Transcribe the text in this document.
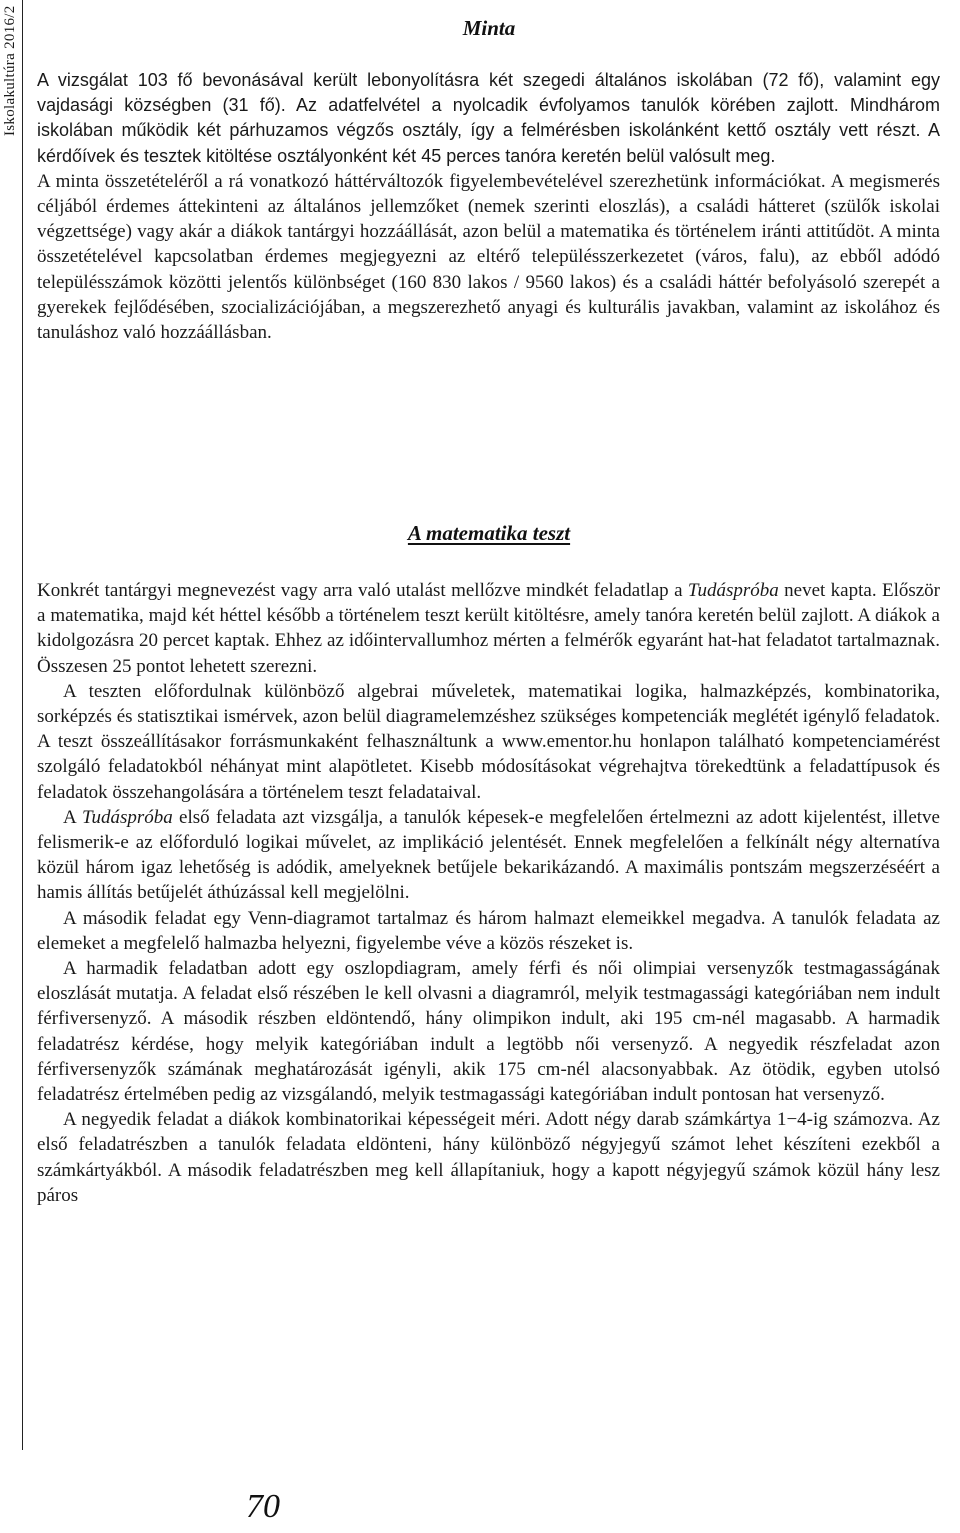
Iskolakultúra 2016/2	Minta

A vizsgálat 103 fő bevonásával került lebonyolításra két szegedi általános iskolában (72 fő), valamint egy vajdasági községben (31 fő). Az adatfelvétel a nyolcadik évfolyamos tanulók körében zajlott. Mindhárom iskolában működik két párhuzamos végzős osztály, így a felmérésben iskolánként kettő osztály vett részt. A kérdőívek és tesztek kitöltése osztályonként két 45 perces tanóra keretén belül valósult meg.

A minta összetételéről a rá vonatkozó háttérváltozók figyelembevételével szerezhetünk információkat. A megismerés céljából érdemes áttekinteni az általános jellemzőket (nemek szerinti eloszlás), a családi hátteret (szülők iskolai végzettsége) vagy akár a diákok tantárgyi hozzáállását, azon belül a matematika és történelem iránti attitűdöt. A minta összetételével kapcsolatban érdemes megjegyezni az eltérő településszerkezetet (város, falu), az ebből adódó településszámok közötti jelentős különbséget (160 830 lakos / 9560 lakos) és a családi háttér befolyásoló szerepét a gyerekek fejlődésében, szocializációjában, a megszerezhető anyagi és kulturális javakban, valamint az iskolához és tanuláshoz való hozzáállásban.

A matematika teszt

Konkrét tantárgyi megnevezést vagy arra való utalást mellőzve mindkét feladatlap a Tudáspróba nevet kapta. Először a matematika, majd két héttel később a történelem teszt került kitöltésre, amely tanóra keretén belül zajlott. A diákok a kidolgozásra 20 percet kaptak. Ehhez az időintervallumhoz mérten a felmérők egyaránt hat-hat feladatot tartalmaznak. Összesen 25 pontot lehetett szerezni.

A teszten előfordulnak különböző algebrai műveletek, matematikai logika, halmazképzés, kombinatorika, sorképzés és statisztikai ismérvek, azon belül diagramelemzéshez szükséges kompetenciák meglétét igénylő feladatok. A teszt összeállításakor forrásmunkaként felhasználtunk a www.ementor.hu honlapon található kompetenciamérést szolgáló feladatokból néhányat mint alapötletet. Kisebb módosításokat végrehajtva törekedtünk a feladattípusok és feladatok összehangolására a történelem teszt feladataival.

A Tudáspróba első feladata azt vizsgálja, a tanulók képesek-e megfelelően értelmezni az adott kijelentést, illetve felismerik-e az előforduló logikai művelet, az implikáció jelentését. Ennek megfelelően a felkínált négy alternatíva közül három igaz lehetőség is adódik, amelyeknek betűjele bekarikázandó. A maximális pontszám megszerzéséért a hamis állítás betűjelét áthúzással kell megjelölni.

A második feladat egy Venn-diagramot tartalmaz és három halmazt elemeikkel megadva. A tanulók feladata az elemeket a megfelelő halmazba helyezni, figyelembe véve a közös részeket is.

A harmadik feladatban adott egy oszlopdiagram, amely férfi és női olimpiai versenyzők testmagasságának eloszlását mutatja. A feladat első részében le kell olvasni a diagramról, melyik testmagassági kategóriában nem indult férfiversenyző. A második részben eldöntendő, hány olimpikon indult, aki 195 cm-nél magasabb. A harmadik feladatrész kérdése, hogy melyik kategóriában indult a legtöbb női versenyző. A negyedik részfeladat azon férfiversenyzők számának meghatározását igényli, akik 175 cm-nél alacsonyabbak. Az ötödik, egyben utolsó feladatrész értelmében pedig az vizsgálandó, melyik testmagassági kategóriában indult pontosan hat versenyző.

A negyedik feladat a diákok kombinatorikai képességeit méri. Adott négy darab számkártya 1−4-ig számozva. Az első feladatrészben a tanulók feladata eldönteni, hány különböző négyjegyű számot lehet készíteni ezekből a számkártyákból. A második feladatrészben meg kell állapítaniuk, hogy a kapott négyjegyű számok közül hány lesz páros

70
